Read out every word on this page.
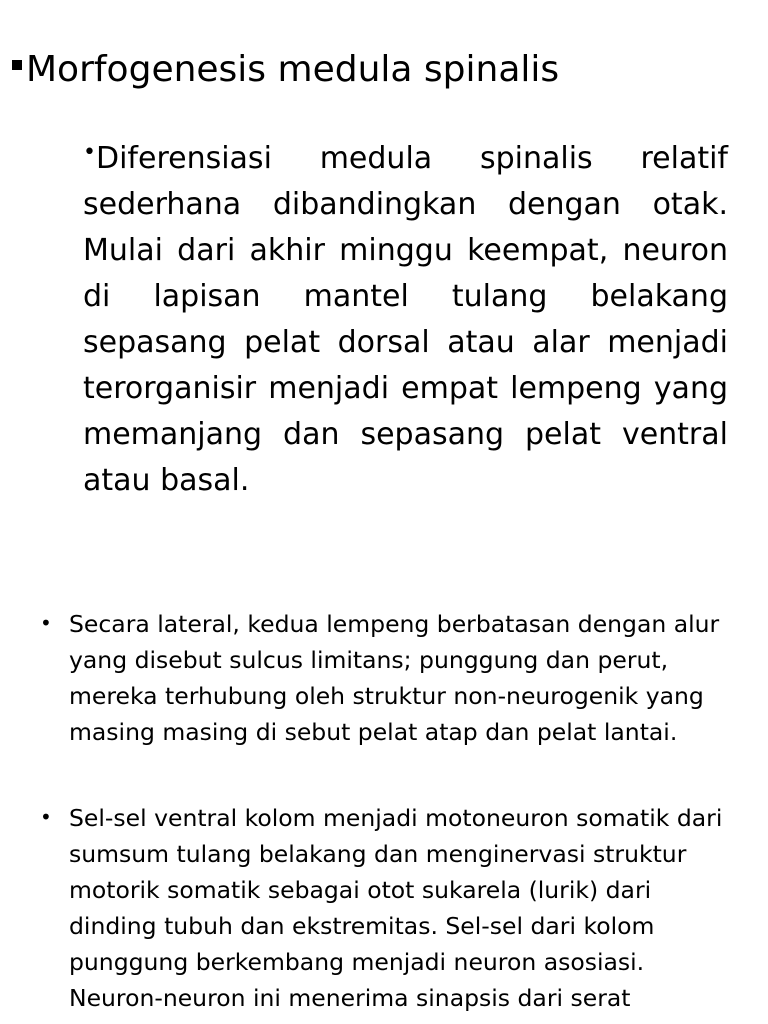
Morfogenesis medula spinalis

•Diferensiasi medula spinalis relatif sederhana dibandingkan dengan otak. Mulai dari akhir minggu keempat, neuron di lapisan mantel tulang belakang sepasang pelat dorsal atau alar menjadi terorganisir menjadi empat lempeng yang memanjang dan sepasang pelat ventral atau basal.

• Secara lateral, kedua lempeng berbatasan dengan alur yang disebut sulcus limitans; punggung dan perut, mereka terhubung oleh struktur non-neurogenik yang masing masing di sebut pelat atap dan pelat lantai.
• Sel-sel ventral kolom menjadi motoneuron somatik dari sumsum tulang belakang dan menginervasi struktur motorik somatik sebagai otot sukarela (lurik) dari dinding tubuh dan ekstremitas. Sel-sel dari kolom punggung berkembang menjadi neuron asosiasi. Neuron-neuron ini menerima sinapsis dari serat
